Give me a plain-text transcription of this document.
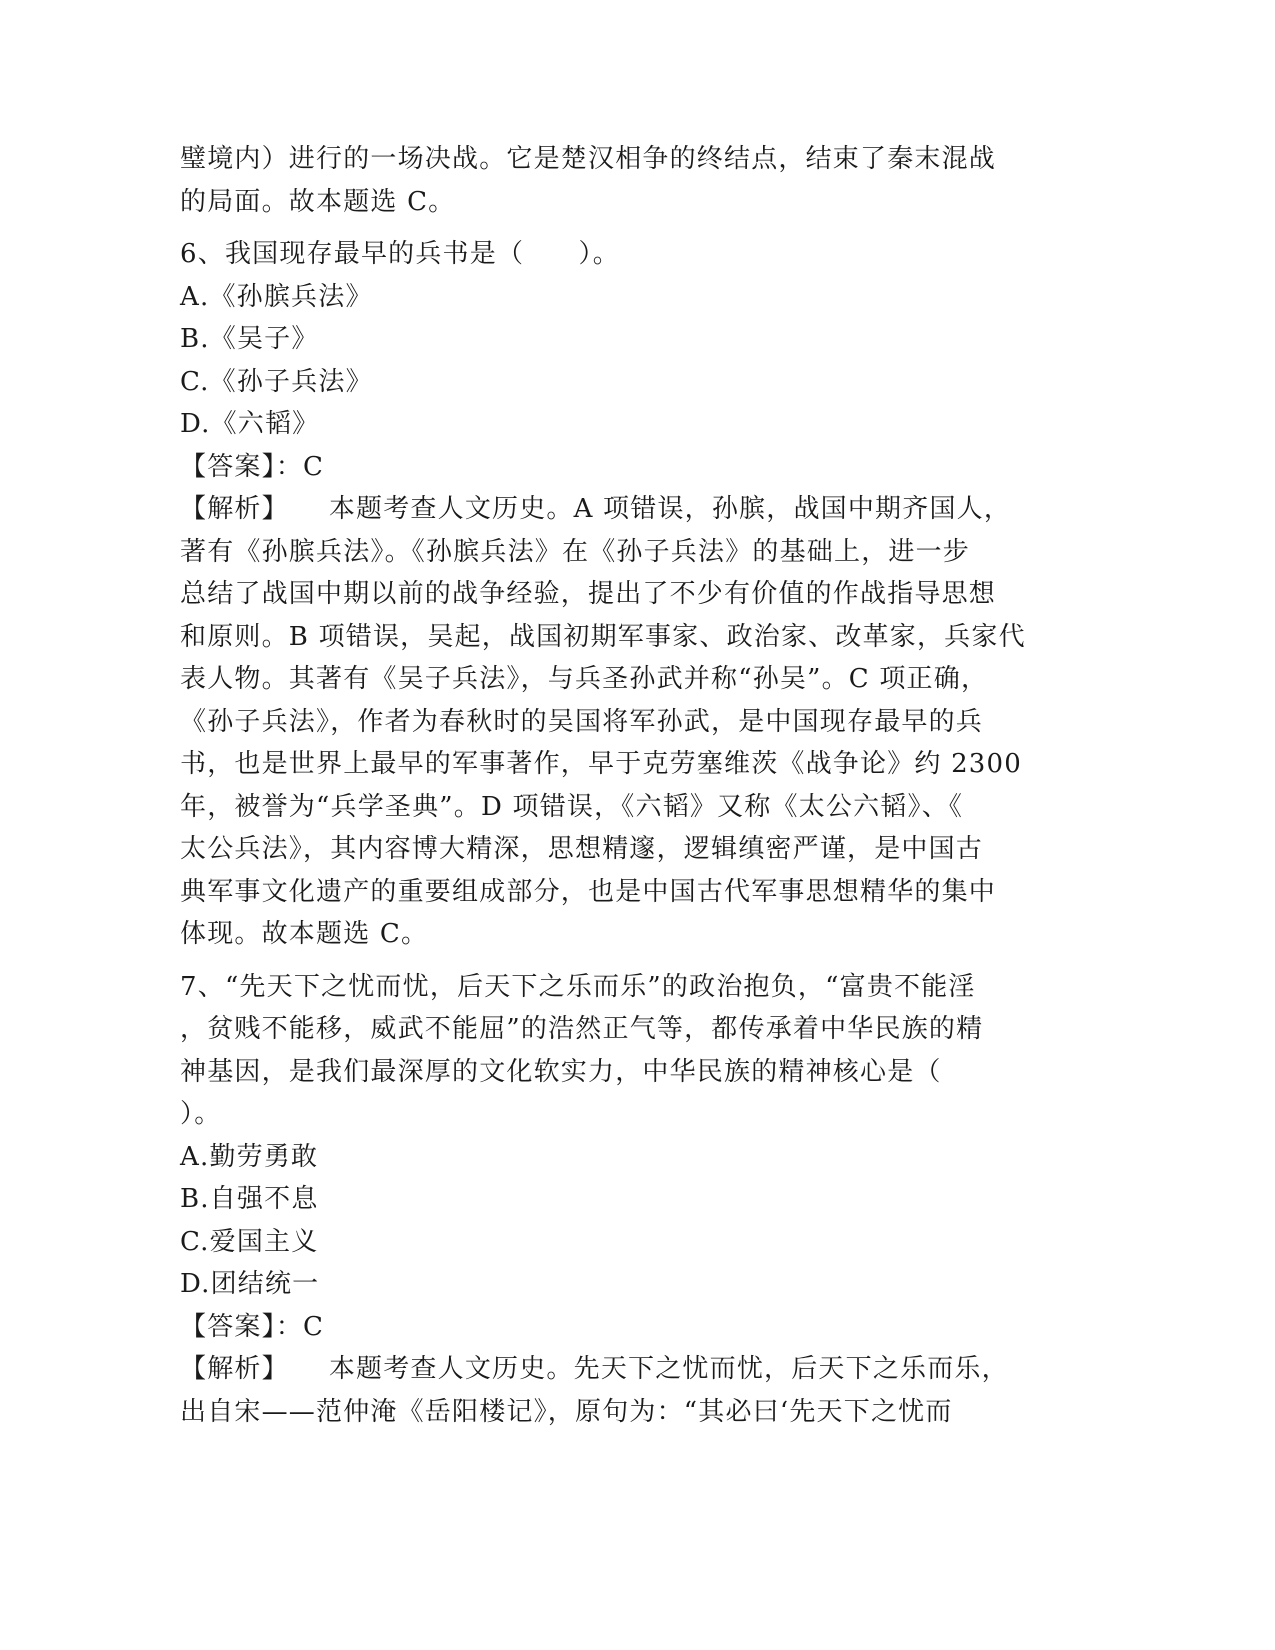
璧境内）进行的一场决战。它是楚汉相争的终结点，结束了秦末混战
的局面。故本题选 C。
6、我国现存最早的兵书是（　　）。
A.《孙膑兵法》
B.《吴子》
C.《孙子兵法》
D.《六韬》
【答案】：C
【解析】 本题考查人文历史。A 项错误，孙膑，战国中期齐国人，
著有《孙膑兵法》。《孙膑兵法》在《孙子兵法》的基础上，进一步
总结了战国中期以前的战争经验，提出了不少有价值的作战指导思想
和原则。B 项错误，吴起，战国初期军事家、政治家、改革家，兵家代
表人物。其著有《吴子兵法》，与兵圣孙武并称“孙吴”。C 项正确，
《孙子兵法》，作者为春秋时的吴国将军孙武，是中国现存最早的兵
书，也是世界上最早的军事著作，早于克劳塞维茨《战争论》约 2300
年，被誉为“兵学圣典”。D 项错误，《六韬》又称《太公六韬》、《
太公兵法》，其内容博大精深，思想精邃，逻辑缜密严谨，是中国古
典军事文化遗产的重要组成部分，也是中国古代军事思想精华的集中
体现。故本题选 C。
7、“先天下之忧而忧，后天下之乐而乐”的政治抱负，“富贵不能淫
，贫贱不能移，威武不能屈”的浩然正气等，都传承着中华民族的精
神基因，是我们最深厚的文化软实力，中华民族的精神核心是（
）。
A.勤劳勇敢
B.自强不息
C.爱国主义
D.团结统一
【答案】：C
【解析】 本题考查人文历史。先天下之忧而忧，后天下之乐而乐，
出自宋——范仲淹《岳阳楼记》，原句为：“其必曰‘先天下之忧而
